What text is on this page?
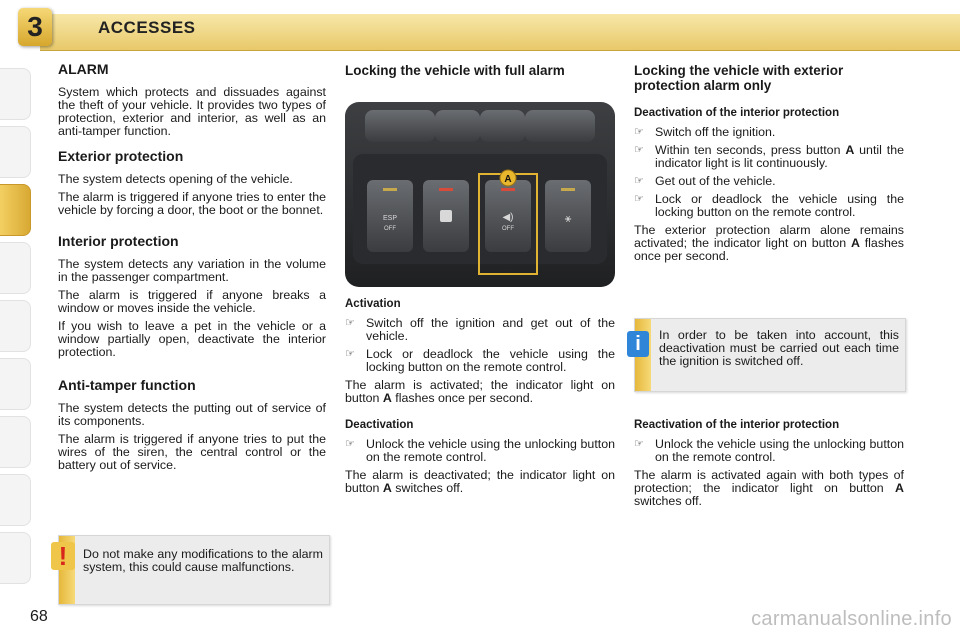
3	ACCESSES
ALARM

System which protects and dissuades against the theft of your vehicle. It provides two types of protection, exterior and interior, as well as an anti-tamper function.

Exterior protection

The system detects opening of the vehicle.

The alarm is triggered if anyone tries to enter the vehicle by forcing a door, the boot or the bonnet.

Interior protection

The system detects any variation in the volume in the passenger compartment.

The alarm is triggered if anyone breaks a window or moves inside the vehicle.

If you wish to leave a pet in the vehicle or a window partially open, deactivate the interior protection.

Anti-tamper function

The system detects the putting out of service of its components.

The alarm is triggered if anyone tries to put the wires of the siren, the central control or the battery out of service.

!	Do not make any modifications to the alarm system, this could cause malfunctions.
Locking the vehicle with full alarm
ESP
OFF
◀)
OFF
⚹
A
Activation
☞ Switch off the ignition and get out of the vehicle.
☞ Lock or deadlock the vehicle using the locking button on the remote control.

The alarm is activated; the indicator light on button A flashes once per second.

Deactivation
☞ Unlock the vehicle using the unlocking button on the remote control.

The alarm is deactivated; the indicator light on button A switches off.

Locking the vehicle with exterior protection alarm only
Deactivation of the interior protection
☞ Switch off the ignition.
☞ Within ten seconds, press button A until the indicator light is lit continuously.
☞ Get out of the vehicle.
☞ Lock or deadlock the vehicle using the locking button on the remote control.

The exterior protection alarm alone remains activated; the indicator light on button A flashes once per second.

i	In order to be taken into account, this deactivation must be carried out each time the ignition is switched off.
Reactivation of the interior protection
☞ Unlock the vehicle using the unlocking button on the remote control.

The alarm is activated again with both types of protection; the indicator light on button A switches off.

68	carmanualsonline.info
